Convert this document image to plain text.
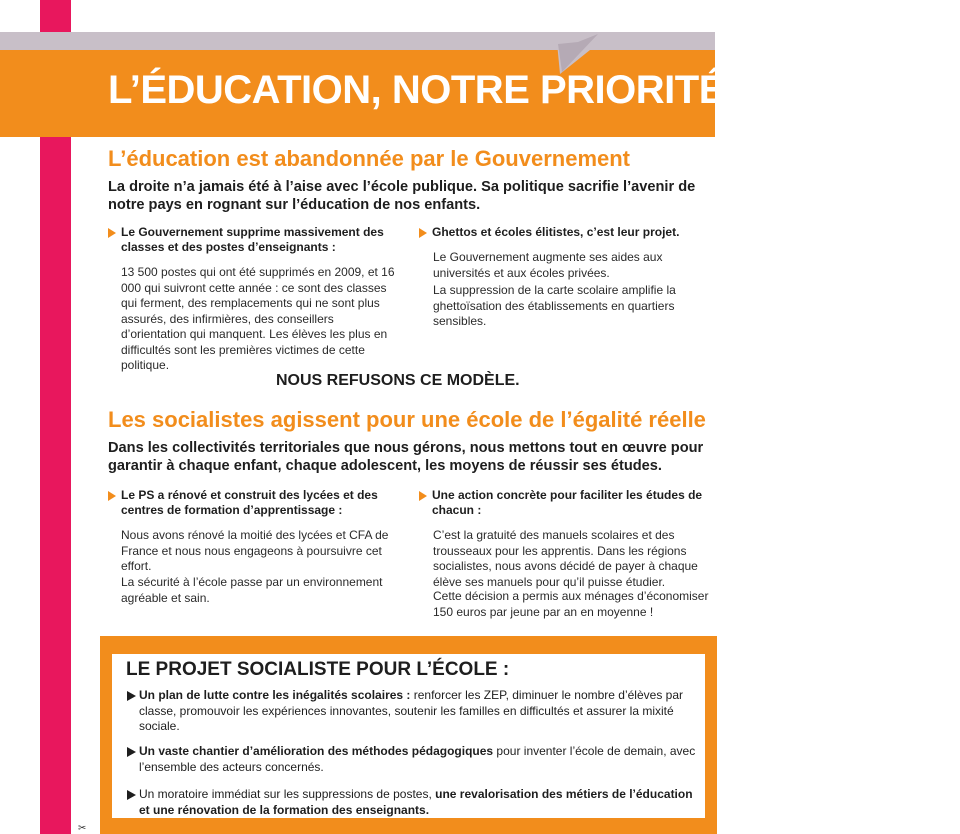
L’ÉDUCATION, NOTRE PRIORITÉ !
L’éducation est abandonnée par le Gouvernement

La droite n’a jamais été à l’aise avec l’école publique. Sa politique sacrifie l’avenir de notre pays en rognant sur l’éducation de nos enfants.

Le Gouvernement supprime massivement des classes et des postes d’enseignants :

13 500 postes qui ont été supprimés en 2009, et 16 000 qui suivront cette année : ce sont des classes qui ferment, des remplacements qui ne sont plus assurés, des infirmières, des conseillers d’orientation qui manquent. Les élèves les plus en difficultés sont les premières victimes de cette politique.

Ghettos et écoles élitistes, c’est leur projet.

Le Gouvernement augmente ses aides aux universités et aux écoles privées.

La suppression de la carte scolaire amplifie la ghettoïsation des établissements en quartiers sensibles.

NOUS REFUSONS CE MODÈLE.

Les socialistes agissent pour une école de l’égalité réelle

Dans les collectivités territoriales que nous gérons, nous mettons tout en œuvre pour garantir à chaque enfant, chaque adolescent, les moyens de réussir ses études.

Le PS a rénové et construit des lycées et des centres de formation d’apprentissage :

Nous avons rénové la moitié des lycées et CFA de France et nous nous engageons à poursuivre cet effort.

La sécurité à l’école passe par un environnement agréable et sain.

Une action concrète pour faciliter les études de chacun :

C’est la gratuité des manuels scolaires et des trousseaux pour les apprentis. Dans les régions socialistes, nous avons décidé de payer à chaque élève ses manuels pour qu’il puisse étudier.

Cette décision a permis aux ménages d’économiser 150 euros par jeune par an en moyenne !

LE PROJET SOCIALISTE POUR L’ÉCOLE :

Un plan de lutte contre les inégalités scolaires : renforcer les ZEP, diminuer le nombre d’élèves par classe, promouvoir les expériences innovantes, soutenir les familles en difficultés et assurer la mixité sociale.

Un vaste chantier d’amélioration des méthodes pédagogiques pour inventer l’école de demain, avec l’ensemble des acteurs concernés.

Un moratoire immédiat sur les suppressions de postes, une revalorisation des métiers de l’éducation et une rénovation de la formation des enseignants.

✂
